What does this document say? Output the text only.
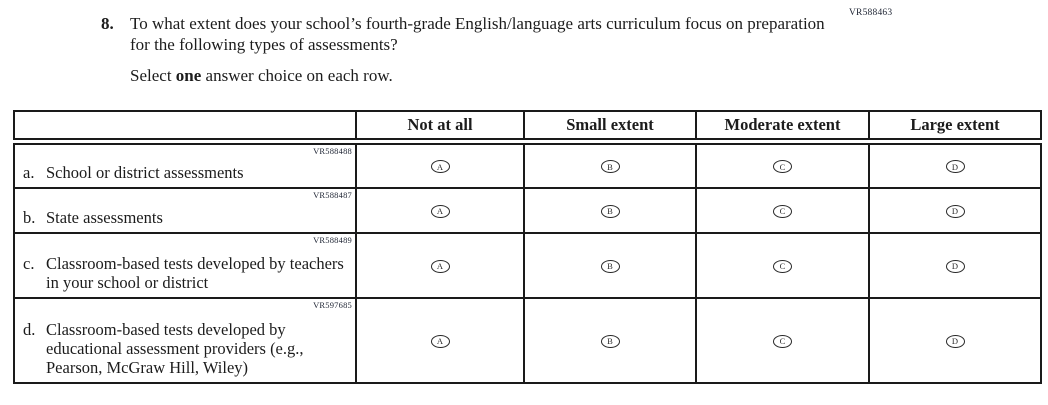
VR588463
8. To what extent does your school’s fourth-grade English/language arts curriculum focus on preparation for the following types of assessments?
Select one answer choice on each row.
	Not at all	Small extent	Moderate extent	Large extent

VR588488
a. School or district assessments	A	B	C	D

VR588487
b. State assessments	A	B	C	D

VR588489
c. Classroom-based tests developed by teachers in your school or district	A	B	C	D

VR597685
d. Classroom-based tests developed by educational assessment providers (e.g., Pearson, McGraw Hill, Wiley)	A	B	C	D
